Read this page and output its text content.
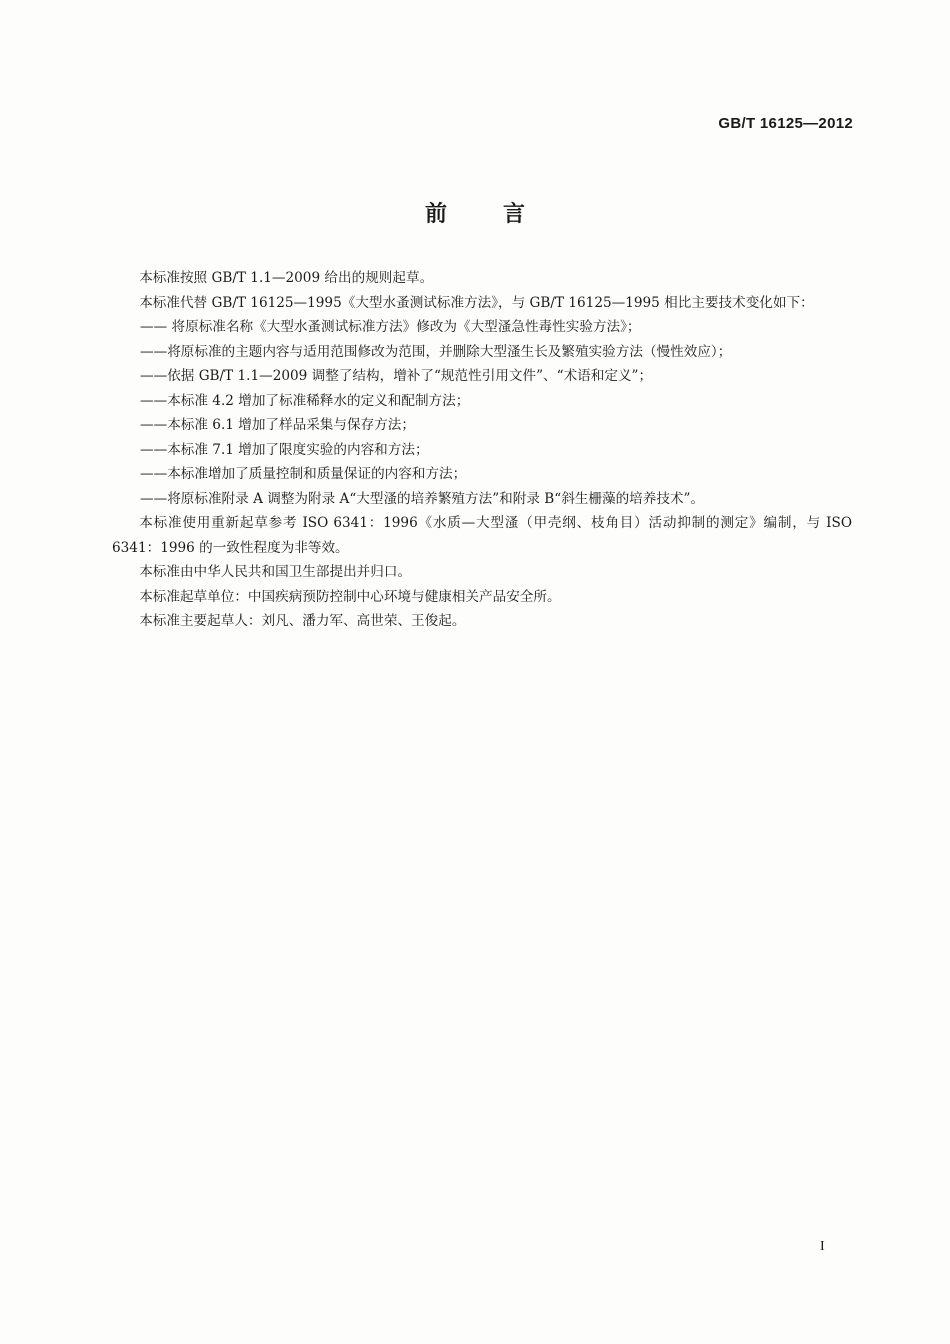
GB/T 16125—2012
前言

本标准按照 GB/T 1.1—2009 给出的规则起草。

本标准代替 GB/T 16125—1995《大型水蚤测试标准方法》，与 GB/T 16125—1995 相比主要技术变化如下：

—— 将原标准名称《大型水蚤测试标准方法》修改为《大型溞急性毒性实验方法》；

——将原标准的主题内容与适用范围修改为范围，并删除大型溞生长及繁殖实验方法（慢性效应）；

——依据 GB/T 1.1—2009 调整了结构，增补了“规范性引用文件”、“术语和定义”；

——本标准 4.2 增加了标准稀释水的定义和配制方法；

——本标准 6.1 增加了样品采集与保存方法；

——本标准 7.1 增加了限度实验的内容和方法；

——本标准增加了质量控制和质量保证的内容和方法；

——将原标准附录 A 调整为附录 A“大型溞的培养繁殖方法”和附录 B“斜生栅藻的培养技术”。

本标准使用重新起草参考 ISO 6341：1996《水质—大型溞（甲壳纲、枝角目）活动抑制的测定》编制，与 ISO 6341：1996 的一致性程度为非等效。

本标准由中华人民共和国卫生部提出并归口。

本标准起草单位：中国疾病预防控制中心环境与健康相关产品安全所。

本标准主要起草人：刘凡、潘力军、高世荣、王俊起。

I
